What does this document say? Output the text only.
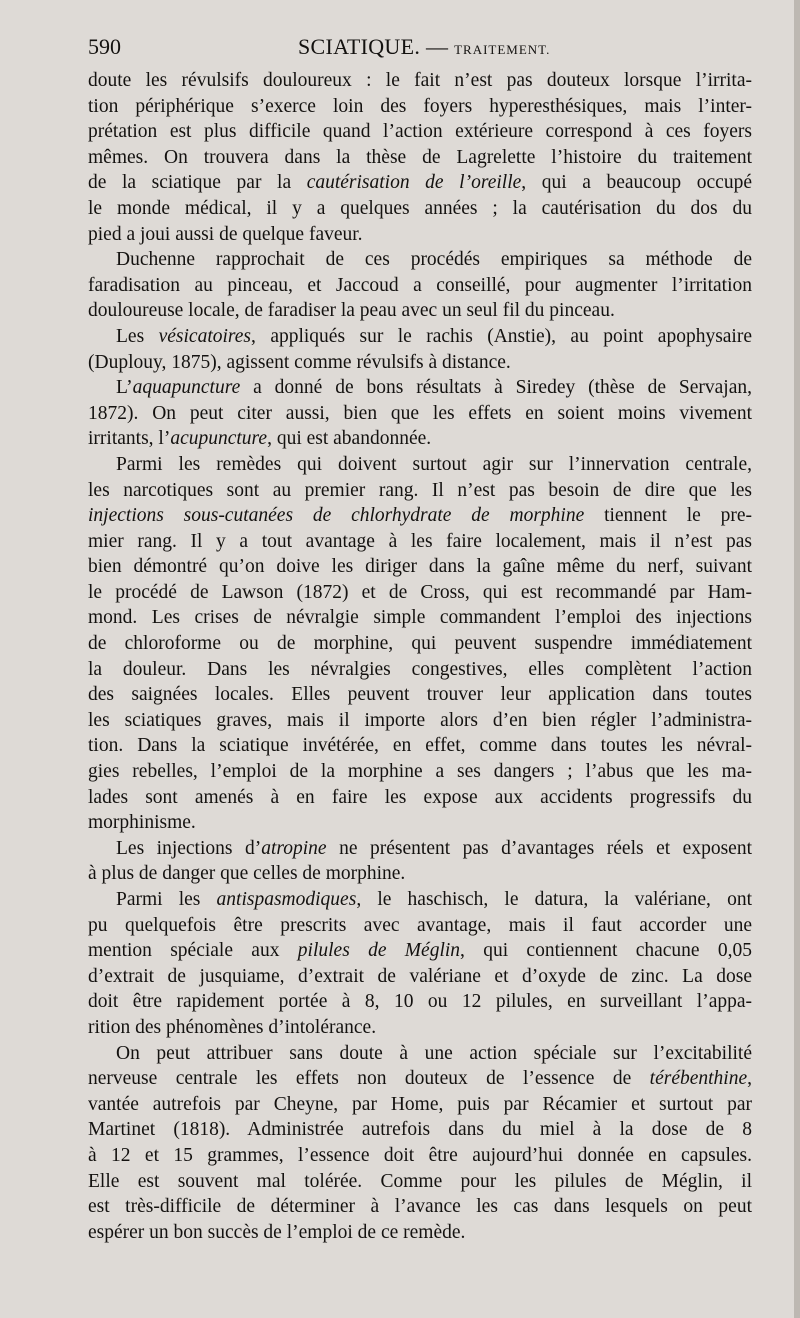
590	SCIATIQUE. — TRAITEMENT.
doute les révulsifs douloureux : le fait n’est pas douteux lorsque l’irrita-
tion périphérique s’exerce loin des foyers hyperesthésiques, mais l’inter-
prétation est plus difficile quand l’action extérieure correspond à ces foyers
mêmes. On trouvera dans la thèse de Lagrelette l’histoire du traitement
de la sciatique par la cautérisation de l’oreille, qui a beaucoup occupé
le monde médical, il y a quelques années ; la cautérisation du dos du
pied a joui aussi de quelque faveur.
Duchenne rapprochait de ces procédés empiriques sa méthode de
faradisation au pinceau, et Jaccoud a conseillé, pour augmenter l’irritation
douloureuse locale, de faradiser la peau avec un seul fil du pinceau.
Les vésicatoires, appliqués sur le rachis (Anstie), au point apophysaire
(Duplouy, 1875), agissent comme révulsifs à distance.
L’aquapuncture a donné de bons résultats à Siredey (thèse de Servajan,
1872). On peut citer aussi, bien que les effets en soient moins vivement
irritants, l’acupuncture, qui est abandonnée.
Parmi les remèdes qui doivent surtout agir sur l’innervation centrale,
les narcotiques sont au premier rang. Il n’est pas besoin de dire que les
injections sous-cutanées de chlorhydrate de morphine tiennent le pre-
mier rang. Il y a tout avantage à les faire localement, mais il n’est pas
bien démontré qu’on doive les diriger dans la gaîne même du nerf, suivant
le procédé de Lawson (1872) et de Cross, qui est recommandé par Ham-
mond. Les crises de névralgie simple commandent l’emploi des injections
de chloroforme ou de morphine, qui peuvent suspendre immédiatement
la douleur. Dans les névralgies congestives, elles complètent l’action
des saignées locales. Elles peuvent trouver leur application dans toutes
les sciatiques graves, mais il importe alors d’en bien régler l’administra-
tion. Dans la sciatique invétérée, en effet, comme dans toutes les névral-
gies rebelles, l’emploi de la morphine a ses dangers ; l’abus que les ma-
lades sont amenés à en faire les expose aux accidents progressifs du
morphinisme.
Les injections d’atropine ne présentent pas d’avantages réels et exposent
à plus de danger que celles de morphine.
Parmi les antispasmodiques, le haschisch, le datura, la valériane, ont
pu quelquefois être prescrits avec avantage, mais il faut accorder une
mention spéciale aux pilules de Méglin, qui contiennent chacune 0,05
d’extrait de jusquiame, d’extrait de valériane et d’oxyde de zinc. La dose
doit être rapidement portée à 8, 10 ou 12 pilules, en surveillant l’appa-
rition des phénomènes d’intolérance.
On peut attribuer sans doute à une action spéciale sur l’excitabilité
nerveuse centrale les effets non douteux de l’essence de térébenthine,
vantée autrefois par Cheyne, par Home, puis par Récamier et surtout par
Martinet (1818). Administrée autrefois dans du miel à la dose de 8
à 12 et 15 grammes, l’essence doit être aujourd’hui donnée en capsules.
Elle est souvent mal tolérée. Comme pour les pilules de Méglin, il
est très-difficile de déterminer à l’avance les cas dans lesquels on peut
espérer un bon succès de l’emploi de ce remède.
